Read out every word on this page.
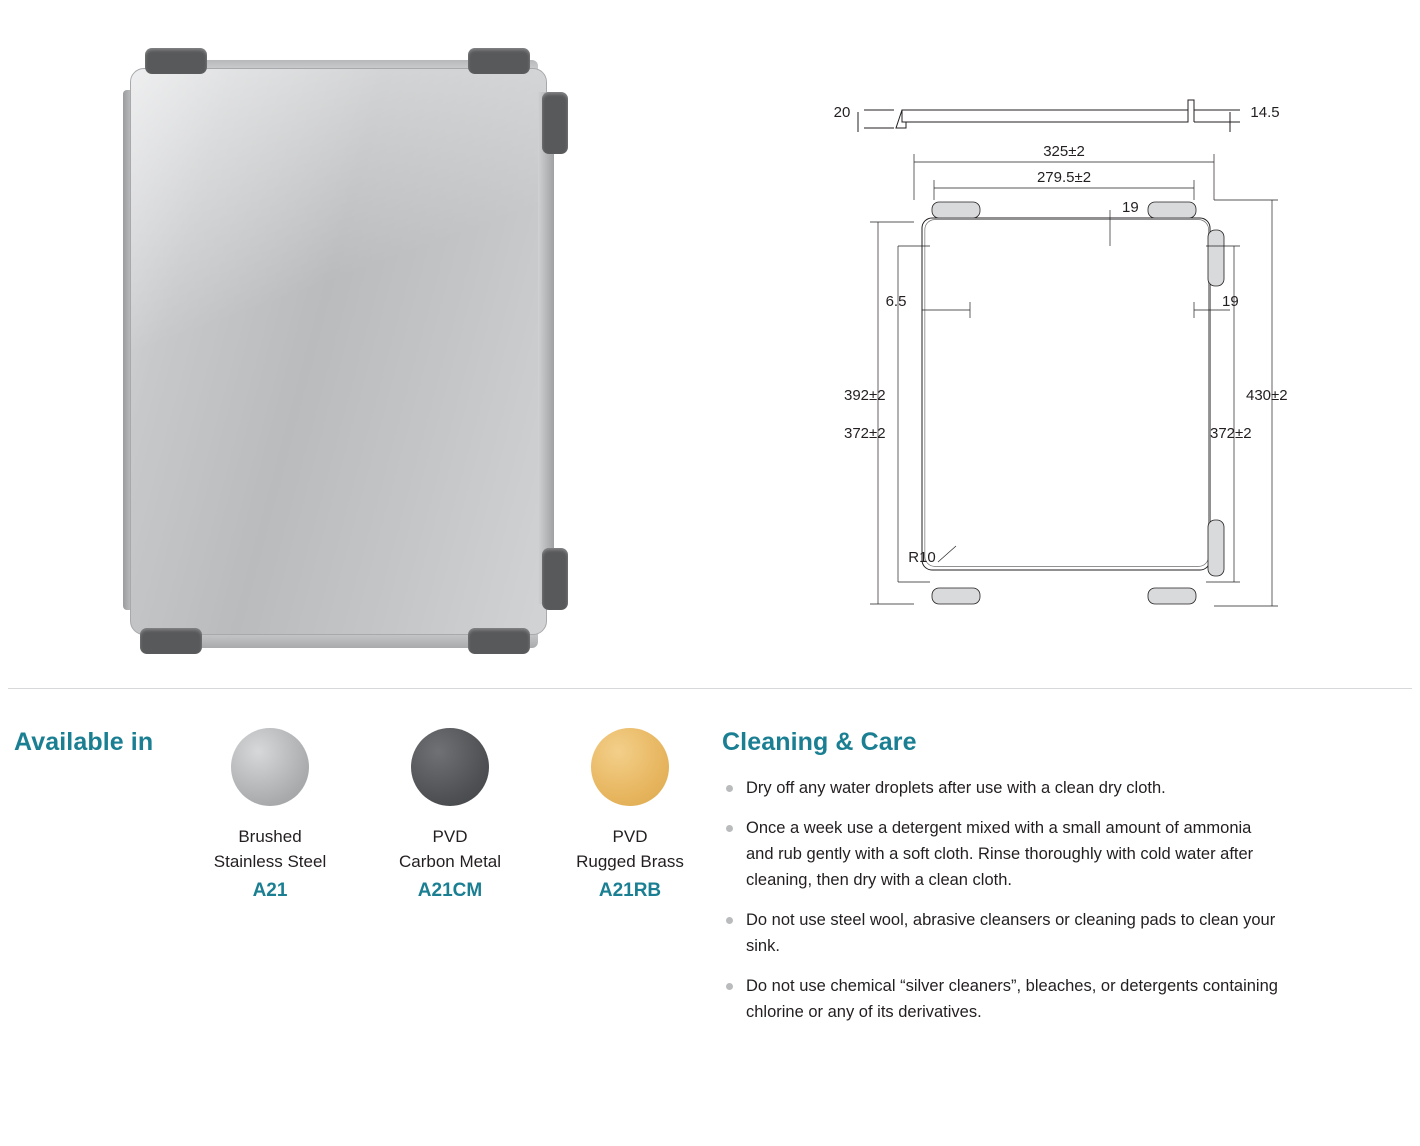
20	14.5
325±2
279.5±2
19
6.5	19
392±2
372±2
430±2
372±2
R10
Available in
Brushed
Stainless Steel
A21
PVD
Carbon Metal
A21CM
PVD
Rugged Brass
A21RB
Cleaning & Care
Dry off any water droplets after use with a clean dry cloth.
Once a week use a detergent mixed with a small amount of ammonia and rub gently with a soft cloth. Rinse thoroughly with cold water after cleaning, then dry with a clean cloth.
Do not use steel wool, abrasive cleansers or cleaning pads to clean your sink.
Do not use chemical “silver cleaners”, bleaches, or detergents containing chlorine or any of its derivatives.
